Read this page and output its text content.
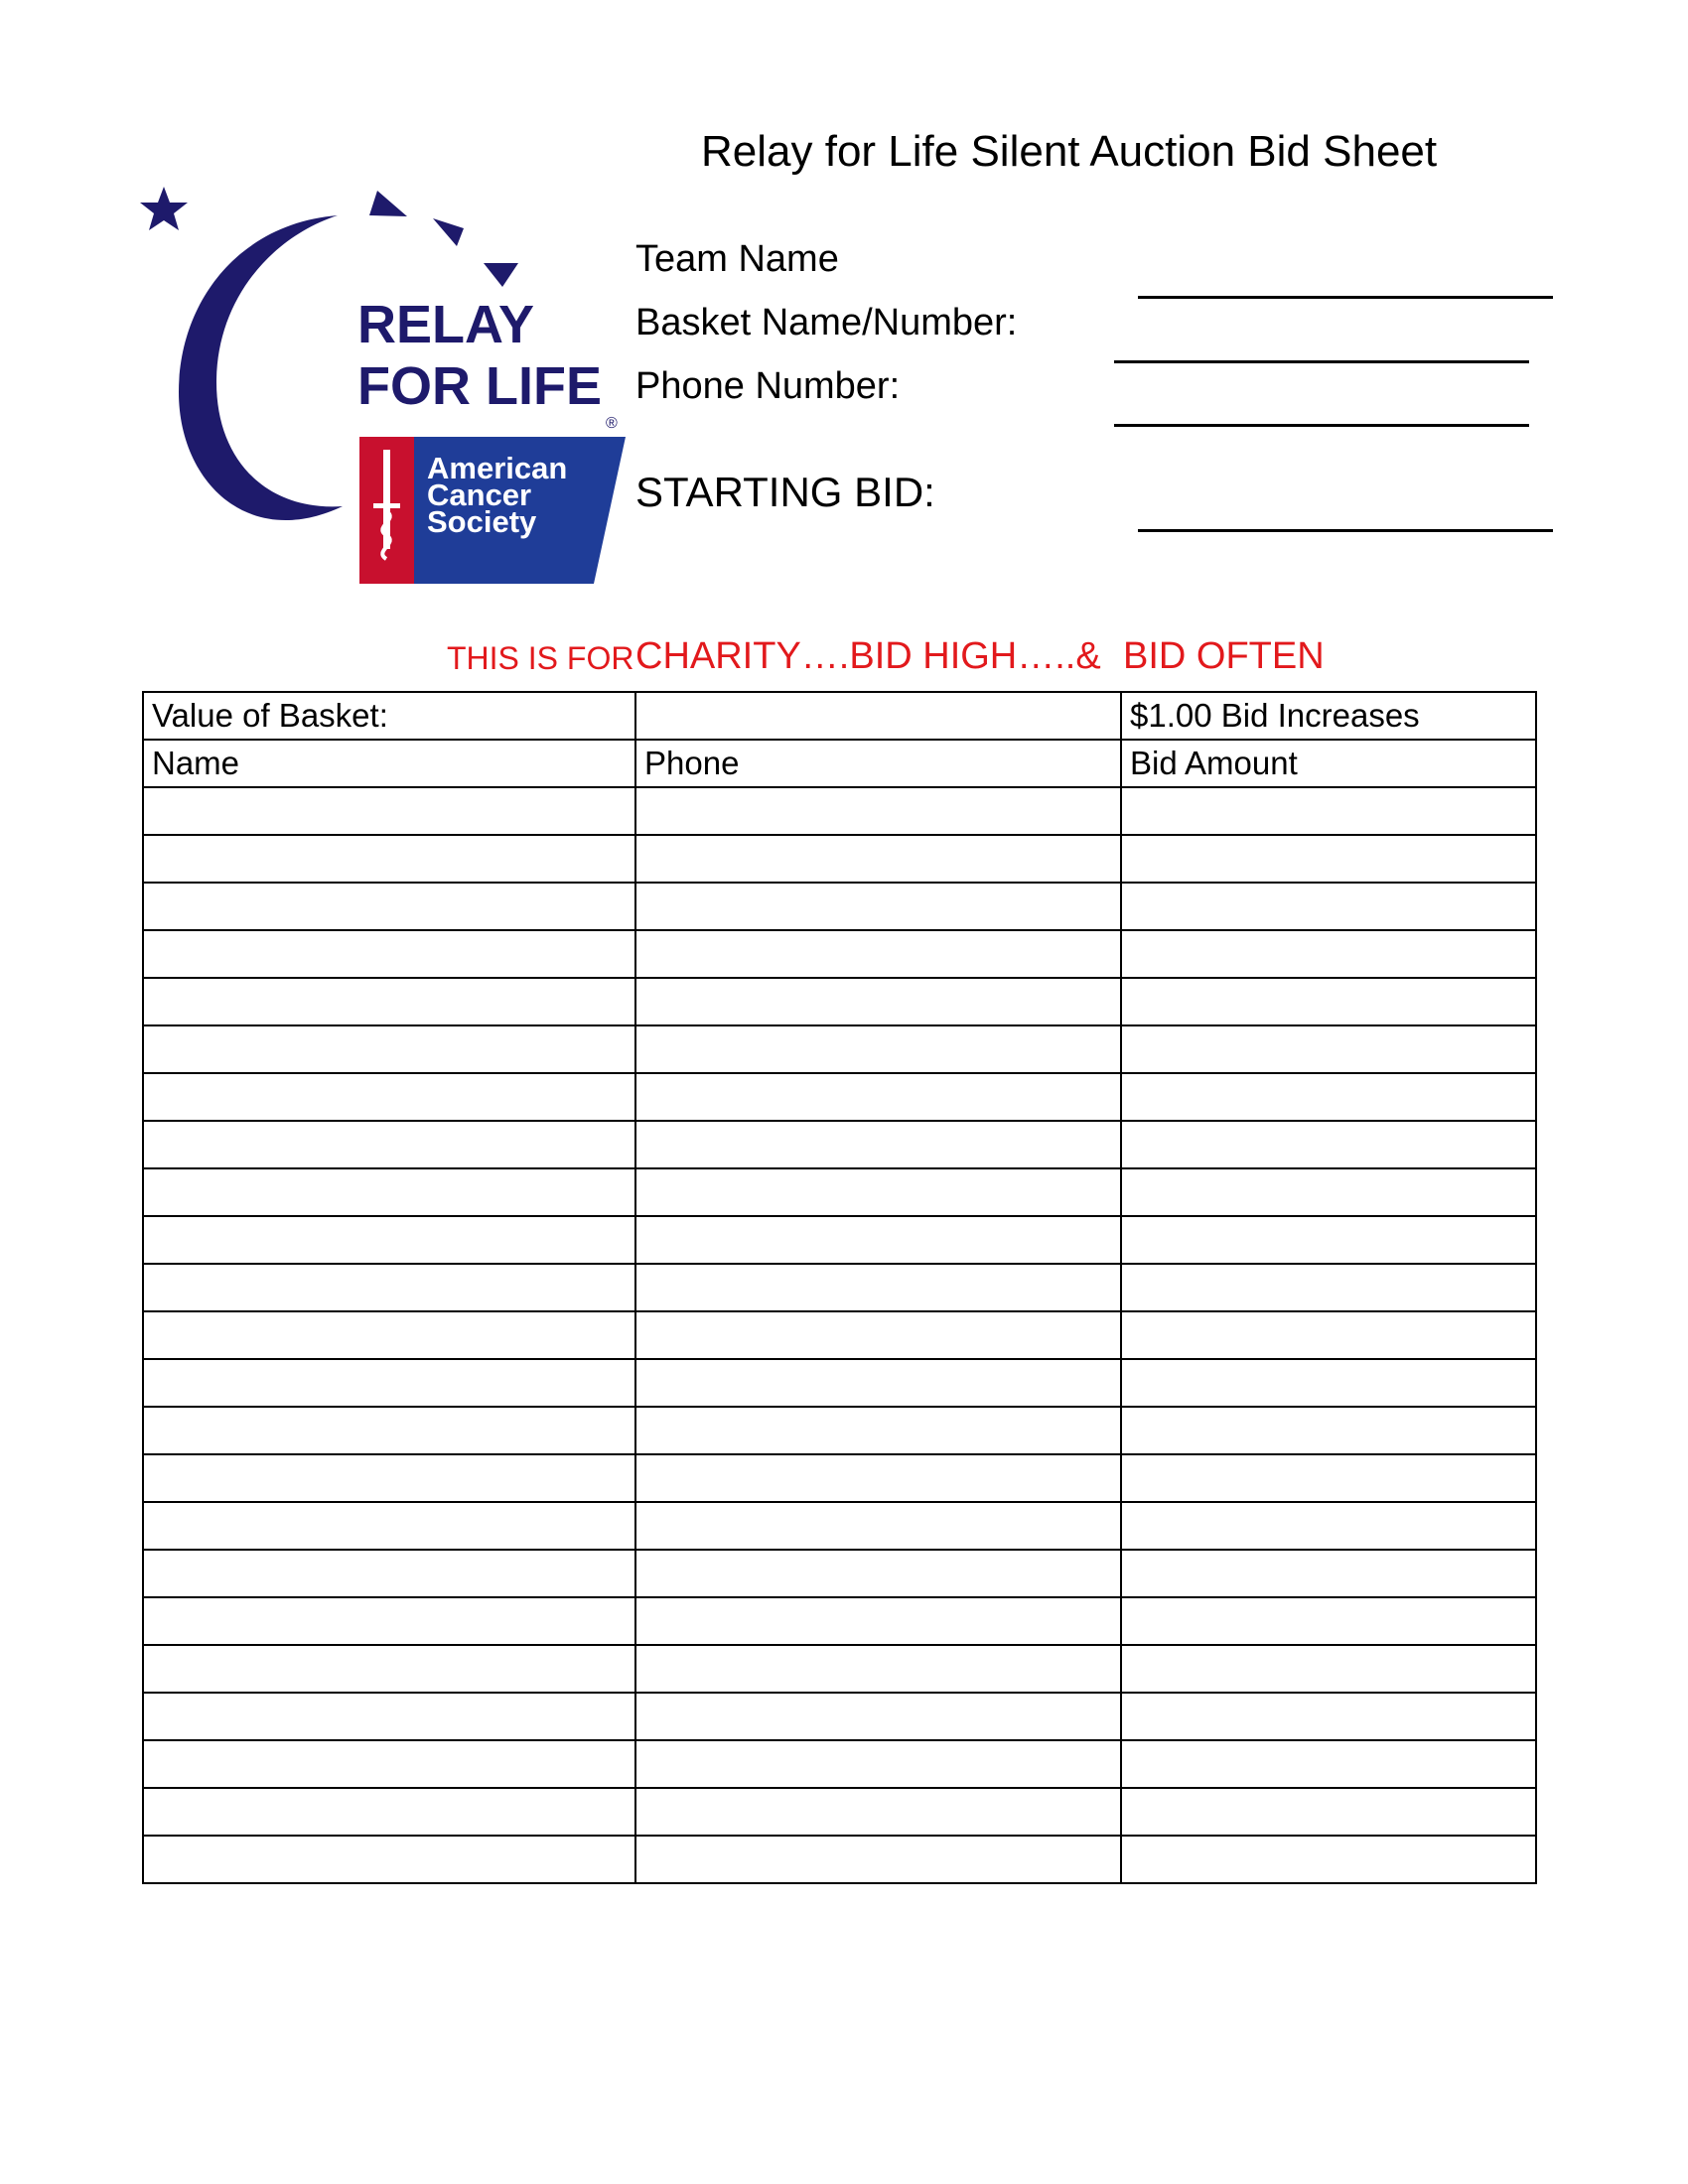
Relay for Life Silent Auction Bid Sheet
RELAY
FOR LIFE
®
American
Cancer
Society
Team Name
Basket Name/Number:
Phone Number:
STARTING BID:
THIS IS FOR CHARITY….BID HIGH…..& BID OFTEN
Value of Basket:		$1.00 Bid Increases
Name	Phone	Bid Amount
